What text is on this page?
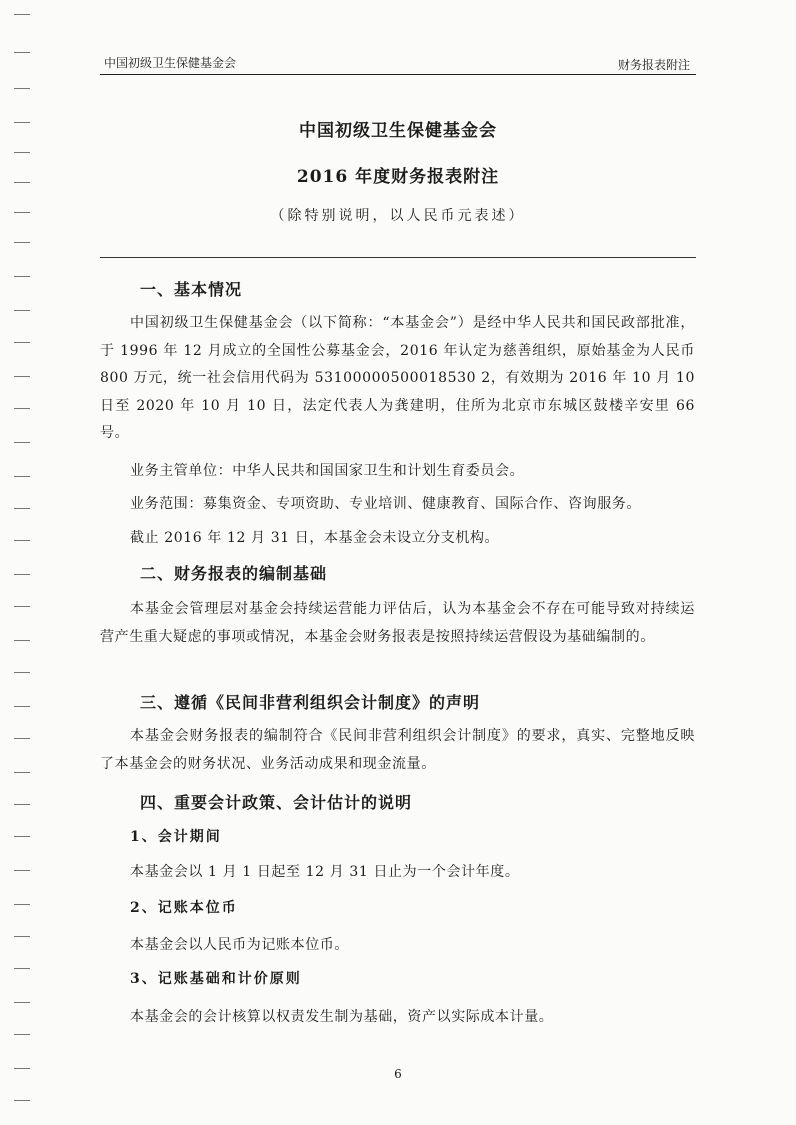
中国初级卫生保健基金会	财务报表附注
中国初级卫生保健基金会
2016 年度财务报表附注
（除特别说明，以人民币元表述）
一、基本情况
中国初级卫生保健基金会（以下简称：“本基金会”）是经中华人民共和国民政部批准，于 1996 年 12 月成立的全国性公募基金会，2016 年认定为慈善组织，原始基金为人民币 800 万元，统一社会信用代码为 53100000500018530 2，有效期为 2016 年 10 月 10 日至 2020 年 10 月 10 日，法定代表人为龚建明，住所为北京市东城区鼓楼辛安里 66 号。
业务主管单位：中华人民共和国国家卫生和计划生育委员会。
业务范围：募集资金、专项资助、专业培训、健康教育、国际合作、咨询服务。
截止 2016 年 12 月 31 日，本基金会未设立分支机构。
二、财务报表的编制基础
本基金会管理层对基金会持续运营能力评估后，认为本基金会不存在可能导致对持续运营产生重大疑虑的事项或情况，本基金会财务报表是按照持续运营假设为基础编制的。
三、遵循《民间非营利组织会计制度》的声明
本基金会财务报表的编制符合《民间非营利组织会计制度》的要求，真实、完整地反映了本基金会的财务状况、业务活动成果和现金流量。
四、重要会计政策、会计估计的说明
1、会计期间
本基金会以 1 月 1 日起至 12 月 31 日止为一个会计年度。
2、记账本位币
本基金会以人民币为记账本位币。
3、记账基础和计价原则
本基金会的会计核算以权责发生制为基础，资产以实际成本计量。
6
